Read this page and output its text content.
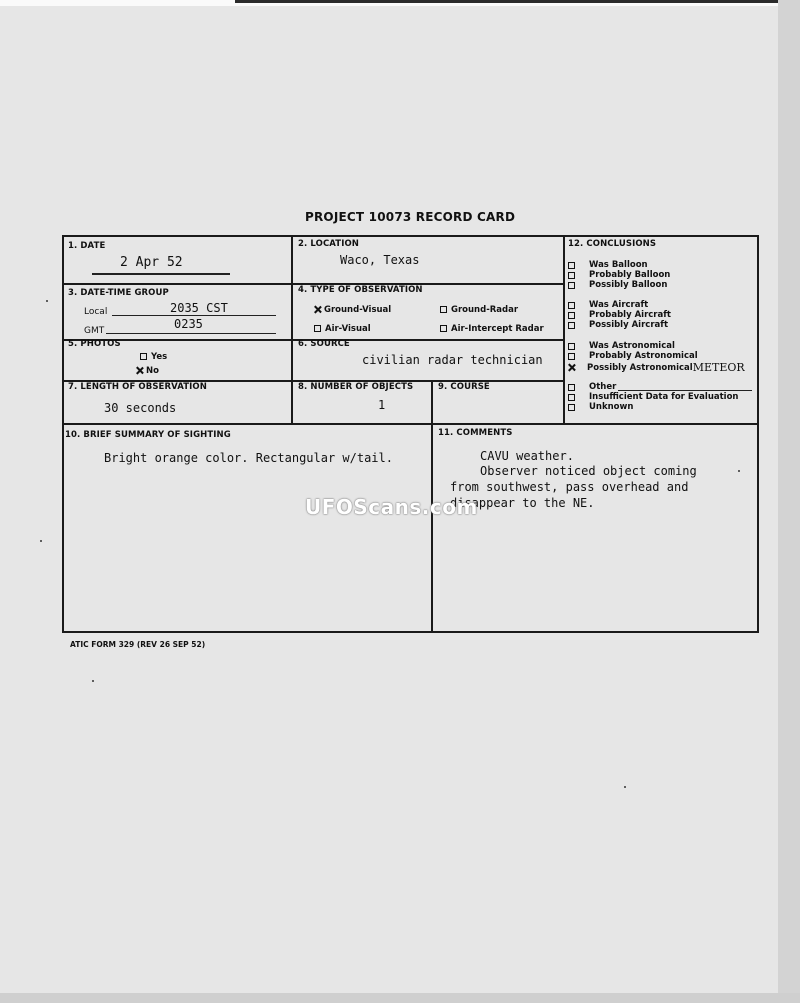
PROJECT 10073 RECORD CARD
1. DATE
2 Apr 52
2. LOCATION
Waco, Texas
3. DATE-TIME GROUP
Local	2035 CST
GMT	0235
4. TYPE OF OBSERVATION
Ground-Visual	Ground-Radar
Air-Visual	Air-Intercept Radar
5. PHOTOS
Yes
No
6. SOURCE
civilian radar technician
7. LENGTH OF OBSERVATION
30 seconds
8. NUMBER OF OBJECTS
1
9. COURSE
10. BRIEF SUMMARY OF SIGHTING
Bright orange color. Rectangular w/tail.
11. COMMENTS
CAVU weather.
Observer noticed object coming
from southwest, pass overhead and
disappear to the NE.
12. CONCLUSIONS
Was Balloon
Probably Balloon
Possibly Balloon
Was Aircraft
Probably Aircraft
Possibly Aircraft
Was Astronomical
Probably Astronomical
Possibly Astronomical METEOR
Other
Insufficient Data for Evaluation
Unknown
UFOScans.com
ATIC FORM 329 (REV 26 SEP 52)
